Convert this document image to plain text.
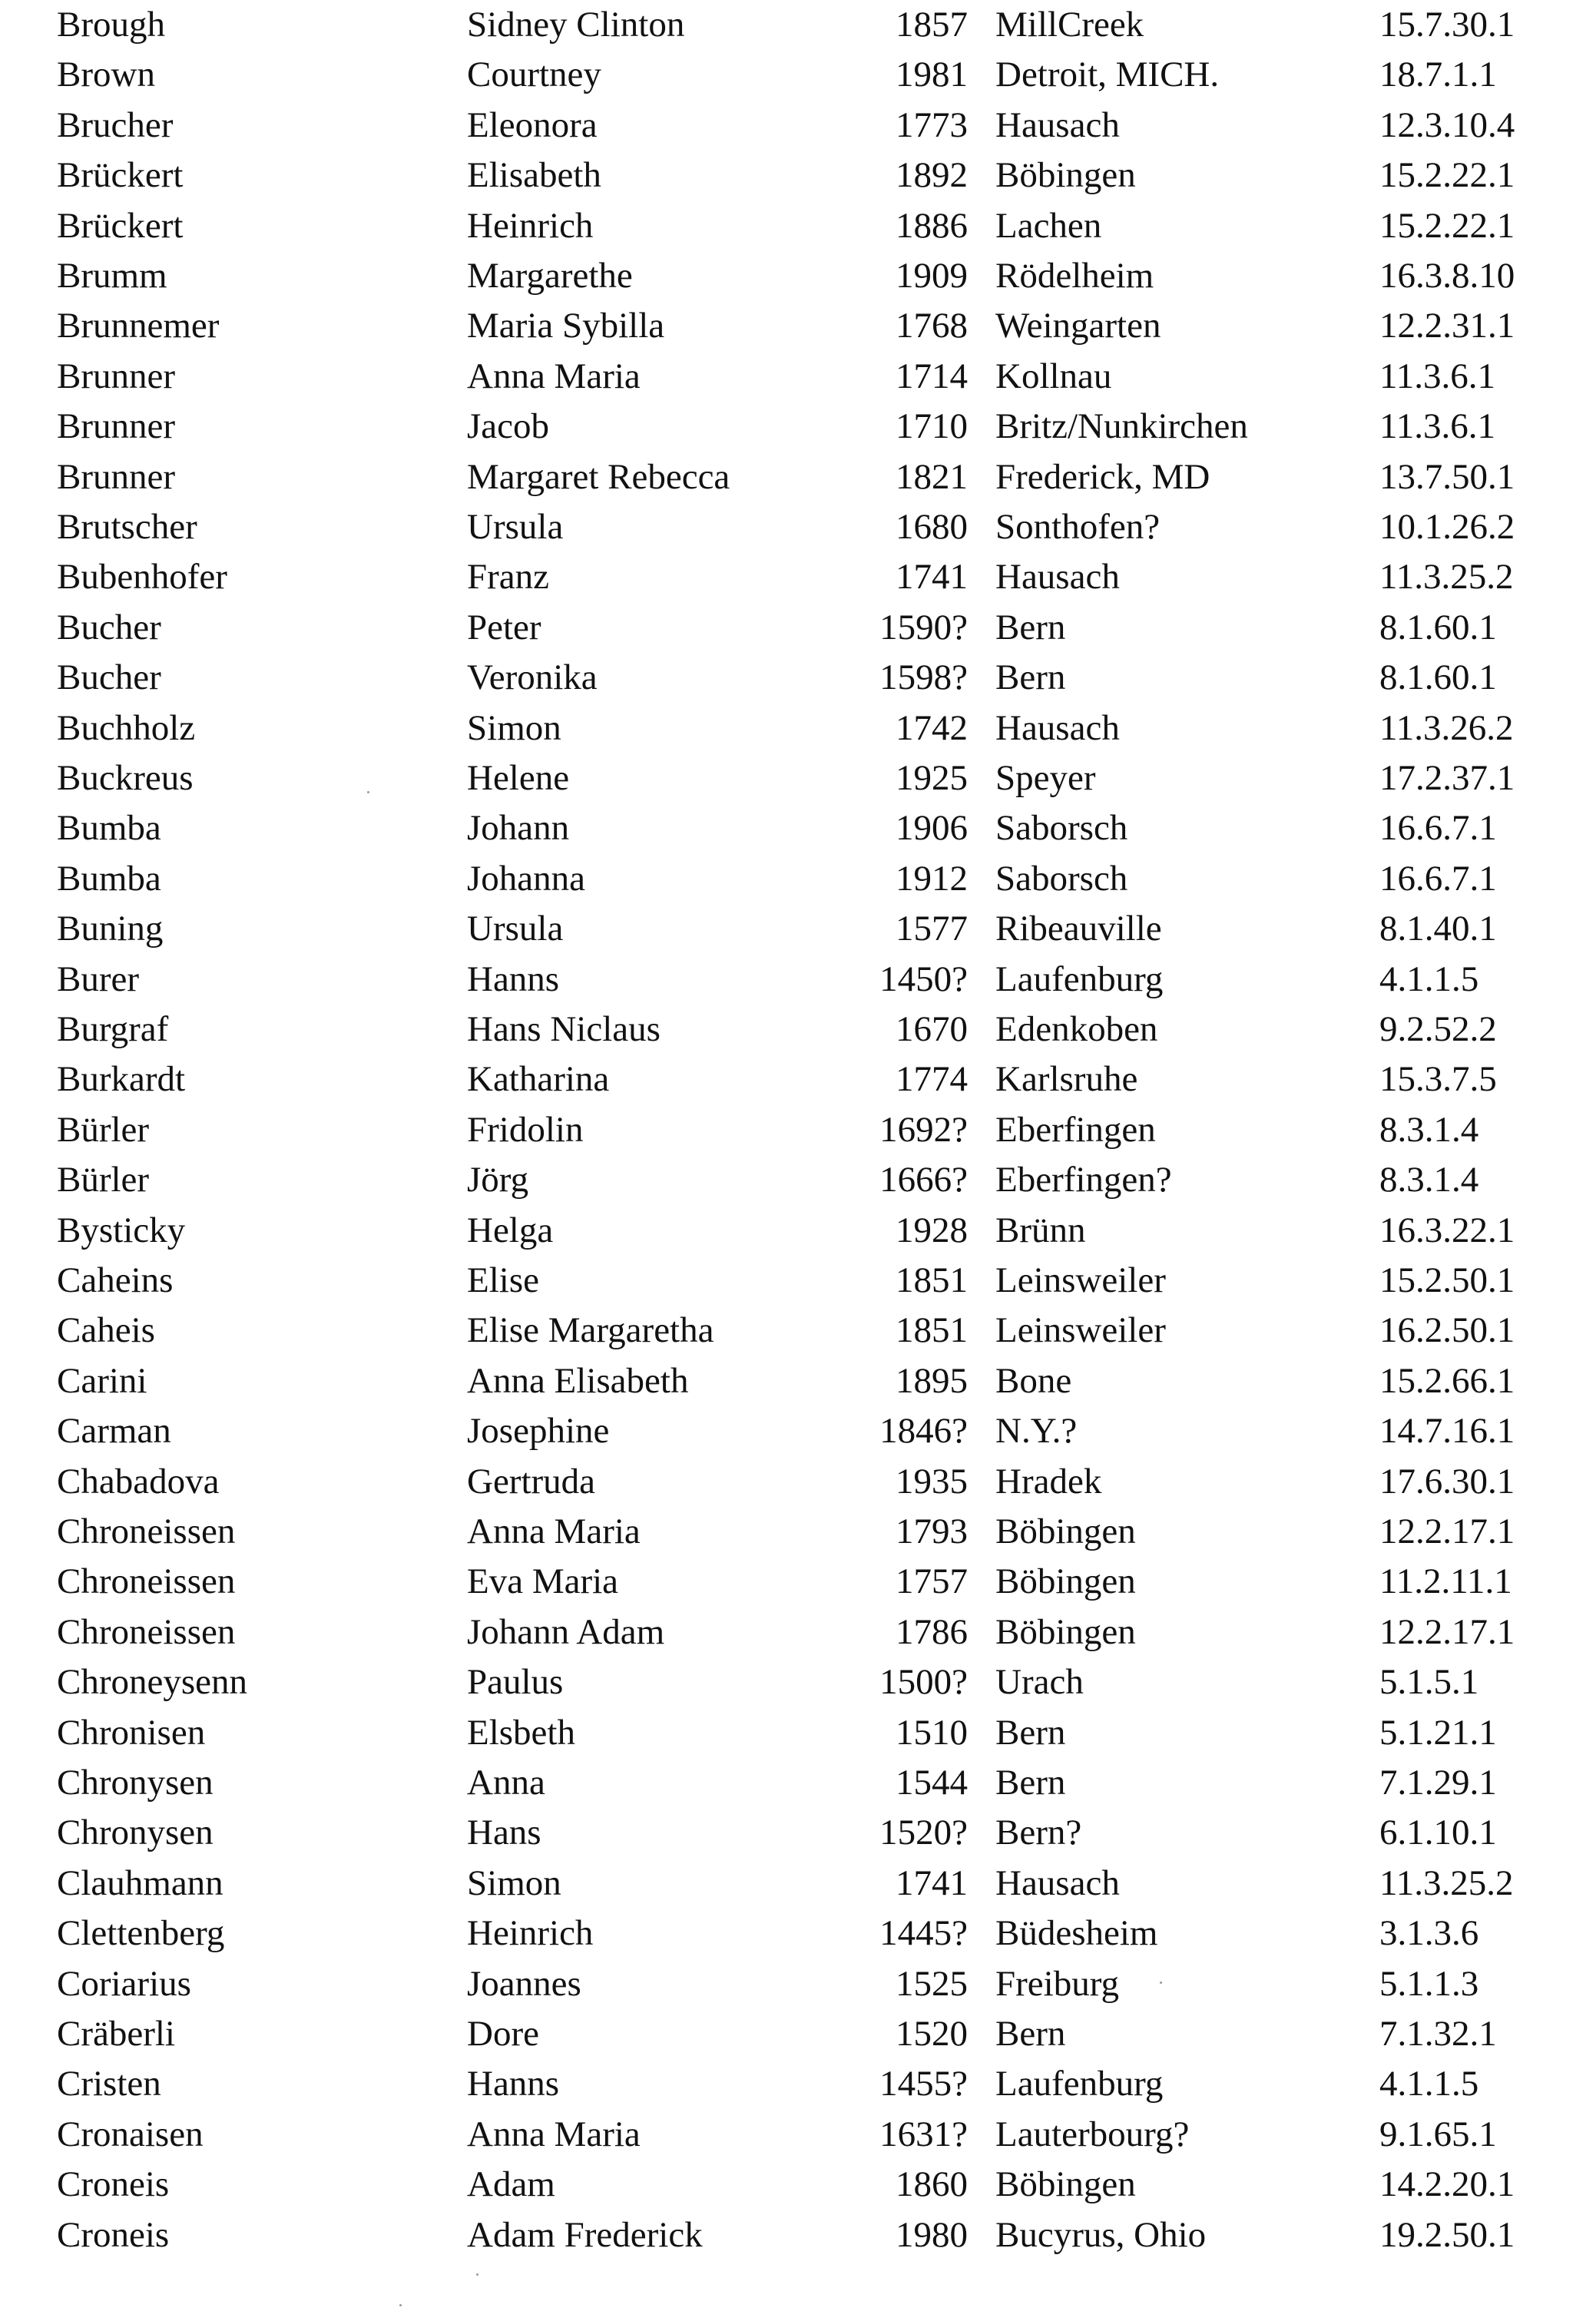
Brough	Sidney Clinton	1857 MillCreek	15.7.30.1
Brown	Courtney	1981 Detroit, MICH.	18.7.1.1
Brucher	Eleonora	1773 Hausach	12.3.10.4
Brückert	Elisabeth	1892 Böbingen	15.2.22.1
Brückert	Heinrich	1886 Lachen	15.2.22.1
Brumm	Margarethe	1909 Rödelheim	16.3.8.10
Brunnemer	Maria Sybilla	1768 Weingarten	12.2.31.1
Brunner	Anna Maria	1714 Kollnau	11.3.6.1
Brunner	Jacob	1710 Britz/Nunkirchen	11.3.6.1
Brunner	Margaret Rebecca	1821 Frederick, MD	13.7.50.1
Brutscher	Ursula	1680 Sonthofen?	10.1.26.2
Bubenhofer	Franz	1741 Hausach	11.3.25.2
Bucher	Peter	1590? Bern	8.1.60.1
Bucher	Veronika	1598? Bern	8.1.60.1
Buchholz	Simon	1742 Hausach	11.3.26.2
Buckreus	Helene	1925 Speyer	17.2.37.1
Bumba	Johann	1906 Saborsch	16.6.7.1
Bumba	Johanna	1912 Saborsch	16.6.7.1
Buning	Ursula	1577 Ribeauville	8.1.40.1
Burer	Hanns	1450? Laufenburg	4.1.1.5
Burgraf	Hans Niclaus	1670 Edenkoben	9.2.52.2
Burkardt	Katharina	1774 Karlsruhe	15.3.7.5
Bürler	Fridolin	1692? Eberfingen	8.3.1.4
Bürler	Jörg	1666? Eberfingen?	8.3.1.4
Bysticky	Helga	1928 Brünn	16.3.22.1
Caheins	Elise	1851 Leinsweiler	15.2.50.1
Caheis	Elise Margaretha	1851 Leinsweiler	16.2.50.1
Carini	Anna Elisabeth	1895 Bone	15.2.66.1
Carman	Josephine	1846? N.Y.?	14.7.16.1
Chabadova	Gertruda	1935 Hradek	17.6.30.1
Chroneissen	Anna Maria	1793 Böbingen	12.2.17.1
Chroneissen	Eva Maria	1757 Böbingen	11.2.11.1
Chroneissen	Johann Adam	1786 Böbingen	12.2.17.1
Chroneysenn	Paulus	1500? Urach	5.1.5.1
Chronisen	Elsbeth	1510 Bern	5.1.21.1
Chronysen	Anna	1544 Bern	7.1.29.1
Chronysen	Hans	1520? Bern?	6.1.10.1
Clauhmann	Simon	1741 Hausach	11.3.25.2
Clettenberg	Heinrich	1445? Büdesheim	3.1.3.6
Coriarius	Joannes	1525 Freiburg	5.1.1.3
Cräberli	Dore	1520 Bern	7.1.32.1
Cristen	Hanns	1455? Laufenburg	4.1.1.5
Cronaisen	Anna Maria	1631? Lauterbourg?	9.1.65.1
Croneis	Adam	1860 Böbingen	14.2.20.1
Croneis	Adam Frederick	1980 Bucyrus, Ohio	19.2.50.1
